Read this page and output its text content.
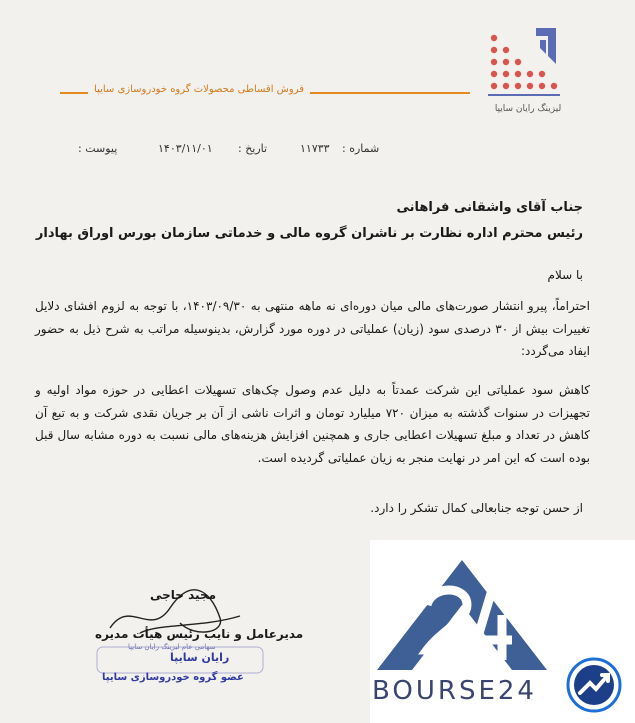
لیزینگ رایان سایپا
فروش اقساطی محصولات گروه خودروسازی سایپا
شماره :
۱۱۷۳۳
تاریخ :
۱۴۰۳/۱۱/۰۱
پیوست :
جناب آقای واشقانی فراهانی
رئیس محترم اداره نظارت بر ناشران گروه مالی و خدماتی سازمان بورس اوراق بهادار
با سلام
احتراماً، پیرو انتشار صورت‌های مالی میان دوره‌ای نه ماهه منتهی به ۱۴۰۳/۰۹/۳۰، با توجه به لزوم افشای دلایل تغییرات بیش از ۳۰ درصدی سود (زیان) عملیاتی در دوره مورد گزارش، بدینوسیله مراتب به شرح ذیل به حضور ایفاد می‌گردد:
کاهش سود عملیاتی این شرکت عمدتاً به دلیل عدم وصول چک‌های تسهیلات اعطایی در حوزه مواد اولیه و تجهیزات در سنوات گذشته به میزان ۷۲۰ میلیارد تومان و اثرات ناشی از آن بر جریان نقدی شرکت و به تبع آن کاهش در تعداد و مبلغ تسهیلات اعطایی جاری و همچنین افزایش هزینه‌های مالی نسبت به دوره مشابه سال قبل بوده است که این امر در نهایت منجر به زیان عملیاتی گردیده است.
از حسن توجه جنابعالی کمال تشکر را دارد.
مجید حاجی
مدیرعامل و نایب رئیس هیأت مدیره
سهامی عام لیزینگ رایان سایپا
رایان سایپا
عضو گروه خودروسازی سایپا	BOURSE24
